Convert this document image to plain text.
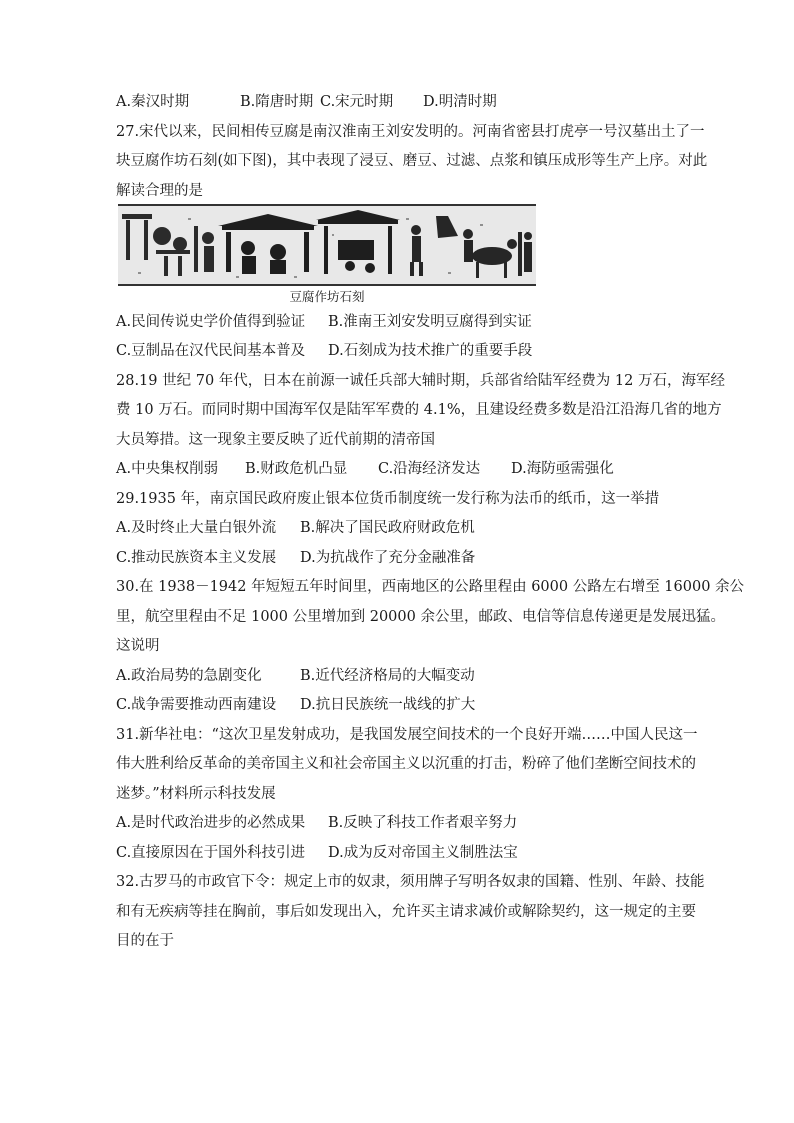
A.秦汉时期	B.隋唐时期 C.宋元时期	D.明清时期
27.宋代以来，民间相传豆腐是南汉淮南王刘安发明的。河南省密县打虎亭一号汉墓出土了一
块豆腐作坊石刻(如下图)，其中表现了浸豆、磨豆、过滤、点浆和镇压成形等生产上序。对此
解读合理的是
豆腐作坊石刻
A.民间传说史学价值得到验证	B.淮南王刘安发明豆腐得到实证
C.豆制品在汉代民间基本普及	D.石刻成为技术推广的重要手段
28.19 世纪 70 年代，日本在前源一诚任兵部大辅时期，兵部省给陆军经费为 12 万石，海军经
费 10 万石。而同时期中国海军仅是陆军军费的 4.1%，且建设经费多数是沿江沿海几省的地方
大员筹措。这一现象主要反映了近代前期的清帝国
A.中央集权削弱	B.财政危机凸显	C.沿海经济发达	D.海防亟需强化
29.1935 年，南京国民政府废止银本位货币制度统一发行称为法币的纸币，这一举措
A.及时终止大量白银外流	B.解决了国民政府财政危机
C.推动民族资本主义发展	D.为抗战作了充分金融准备
30.在 1938－1942 年短短五年时间里，西南地区的公路里程由 6000 公路左右增至 16000 余公
里，航空里程由不足 1000 公里增加到 20000 余公里，邮政、电信等信息传递更是发展迅猛。
这说明
A.政治局势的急剧变化	B.近代经济格局的大幅变动
C.战争需要推动西南建设	D.抗日民族统一战线的扩大
31.新华社电：“这次卫星发射成功，是我国发展空间技术的一个良好开端……中国人民这一
伟大胜利给反革命的美帝国主义和社会帝国主义以沉重的打击，粉碎了他们垄断空间技术的
迷梦。”材料所示科技发展
A.是时代政治进步的必然成果	B.反映了科技工作者艰辛努力
C.直接原因在于国外科技引进	D.成为反对帝国主义制胜法宝
32.古罗马的市政官下令：规定上市的奴隶，须用牌子写明各奴隶的国籍、性别、年龄、技能
和有无疾病等挂在胸前，事后如发现出入，允许买主请求减价或解除契约，这一规定的主要
目的在于
